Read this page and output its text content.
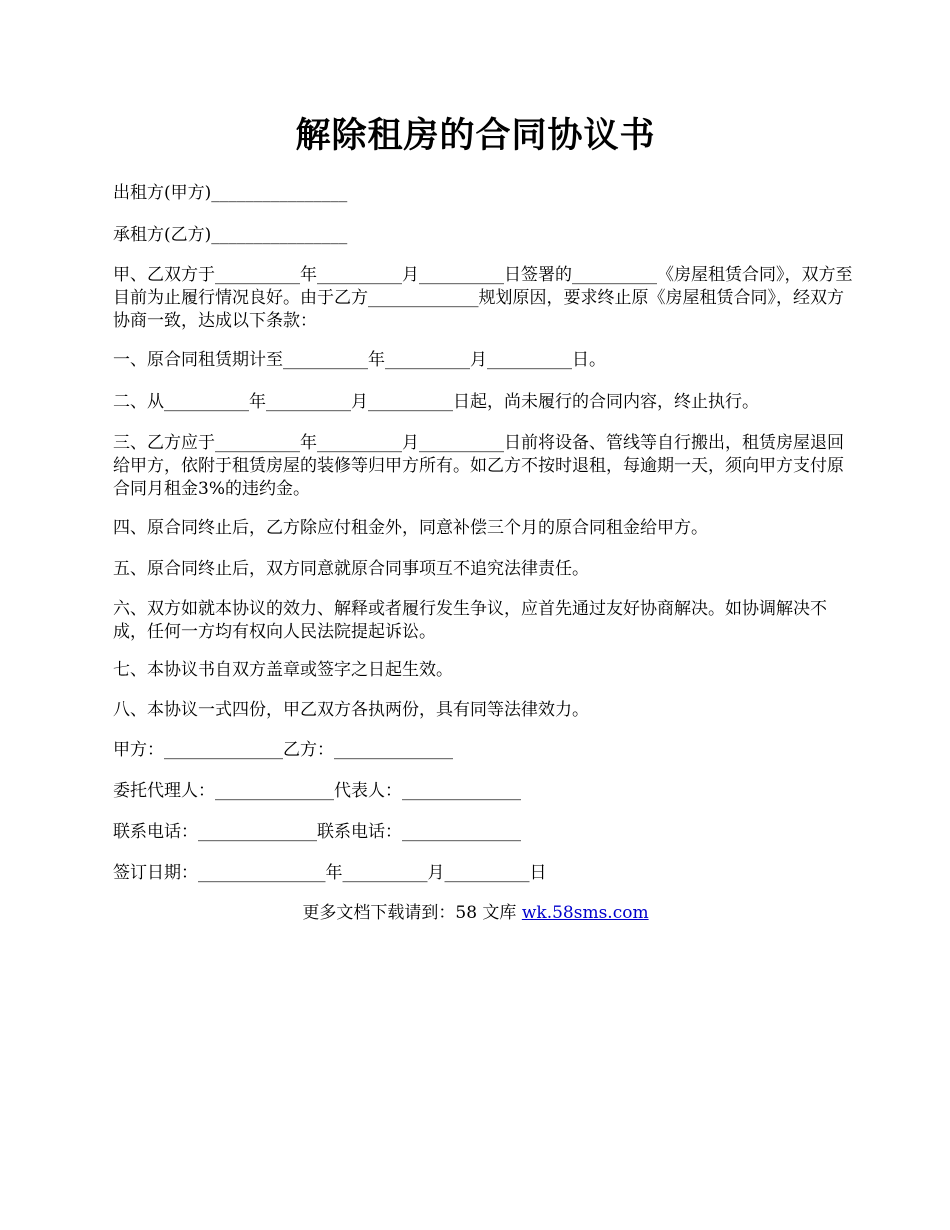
解除租房的合同协议书
出租方(甲方)________________
承租方(乙方)________________
甲、乙双方于__________年__________月__________日签署的__________《房屋租赁合同》，双方至目前为止履行情况良好。由于乙方_____________规划原因，要求终止原《房屋租赁合同》，经双方协商一致，达成以下条款：
一、原合同租赁期计至__________年__________月__________日。
二、从__________年__________月__________日起，尚未履行的合同内容，终止执行。
三、乙方应于__________年__________月__________日前将设备、管线等自行搬出，租赁房屋退回给甲方，依附于租赁房屋的装修等归甲方所有。如乙方不按时退租，每逾期一天，须向甲方支付原合同月租金3%的违约金。
四、原合同终止后，乙方除应付租金外，同意补偿三个月的原合同租金给甲方。
五、原合同终止后，双方同意就原合同事项互不追究法律责任。
六、双方如就本协议的效力、解释或者履行发生争议，应首先通过友好协商解决。如协调解决不成，任何一方均有权向人民法院提起诉讼。
七、本协议书自双方盖章或签字之日起生效。
八、本协议一式四份，甲乙双方各执两份，具有同等法律效力。
甲方：______________乙方：______________
委托代理人：______________代表人：______________
联系电话：______________联系电话：______________
签订日期：_______________年__________月__________日
更多文档下载请到：58 文库 wk.58sms.com
